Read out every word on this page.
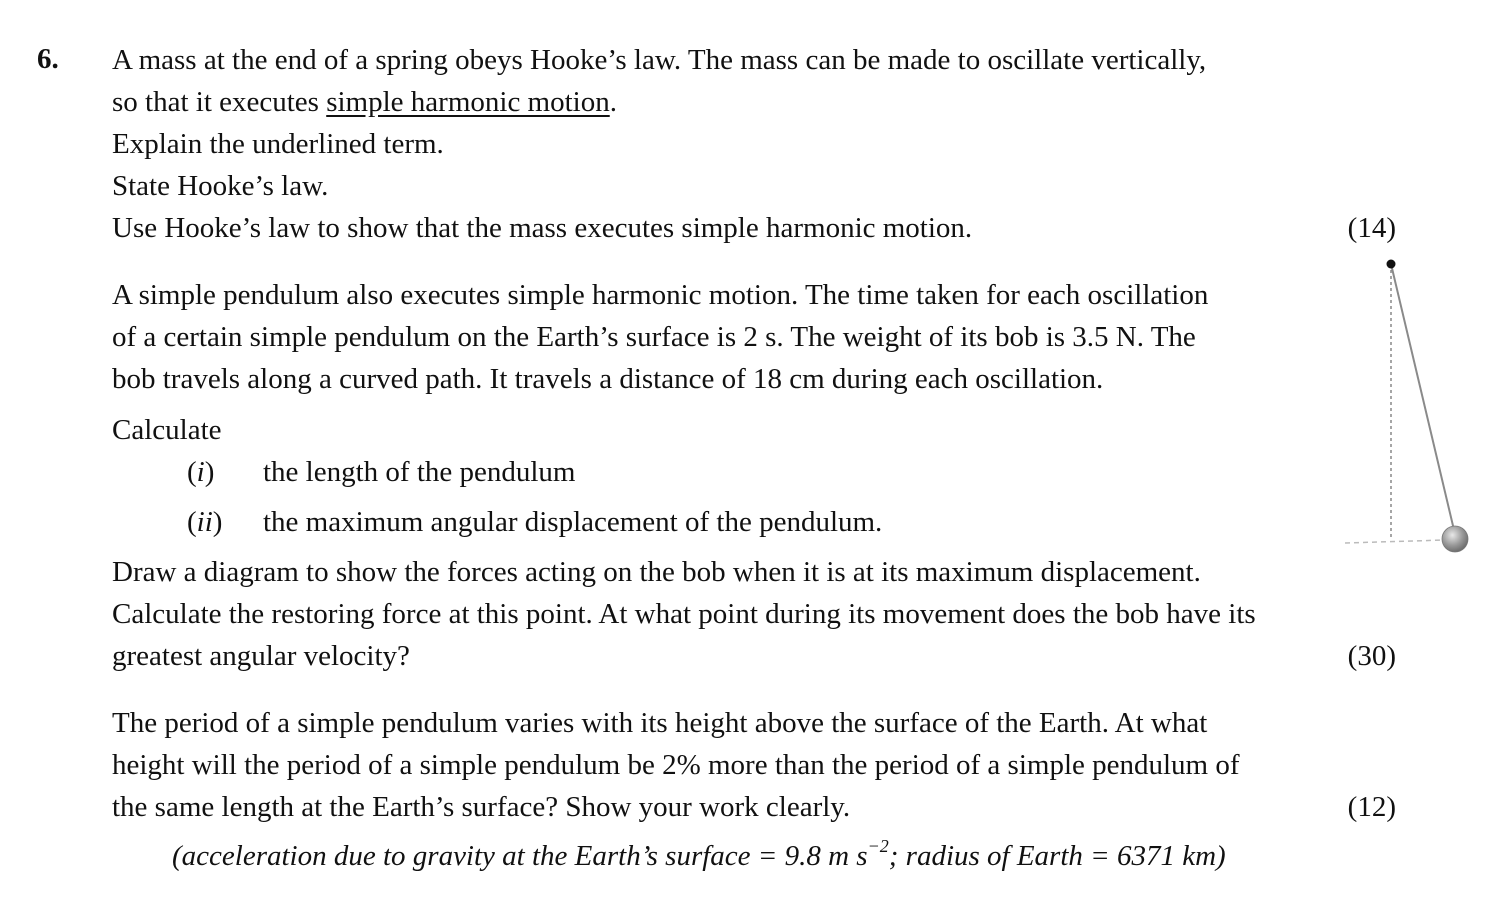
6. A mass at the end of a spring obeys Hooke’s law. The mass can be made to oscillate vertically,
so that it executes simple harmonic motion.
Explain the underlined term.
State Hooke’s law.
Use Hooke’s law to show that the mass executes simple harmonic motion.	(14)
A simple pendulum also executes simple harmonic motion. The time taken for each oscillation
of a certain simple pendulum on the Earth’s surface is 2 s. The weight of its bob is 3.5 N. The
bob travels along a curved path. It travels a distance of 18 cm during each oscillation.
Calculate
(i) the length of the pendulum
(ii) the maximum angular displacement of the pendulum.
Draw a diagram to show the forces acting on the bob when it is at its maximum displacement.
Calculate the restoring force at this point. At what point during its movement does the bob have its
greatest angular velocity?	(30)
The period of a simple pendulum varies with its height above the surface of the Earth. At what
height will the period of a simple pendulum be 2% more than the period of a simple pendulum of
the same length at the Earth’s surface? Show your work clearly.	(12)
(acceleration due to gravity at the Earth’s surface = 9.8 m $s^{-2}$; radius of Earth = 6371 km)
